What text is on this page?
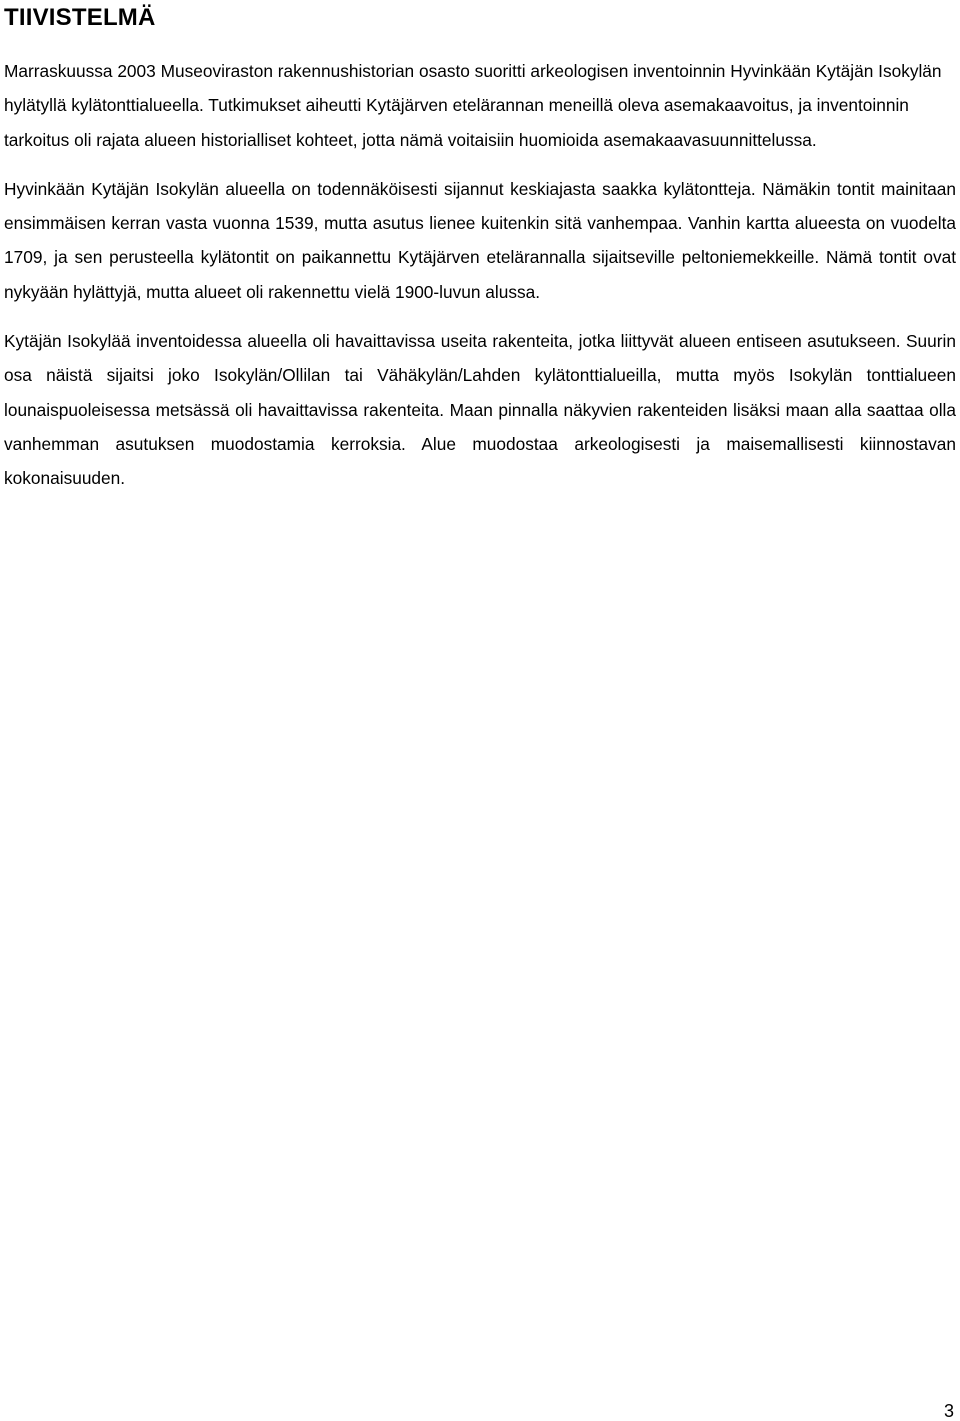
TIIVISTELMÄ

Marraskuussa 2003 Museoviraston rakennushistorian osasto suoritti arkeologisen inventoinnin Hyvinkään Kytäjän Isokylän hylätyllä kylätonttialueella. Tutkimukset aiheutti Kytäjärven etelärannan meneillä oleva asemakaavoitus, ja inventoinnin tarkoitus oli rajata alueen historialliset kohteet, jotta nämä voitaisiin huomioida asemakaavasuunnittelussa.

Hyvinkään Kytäjän Isokylän alueella on todennäköisesti sijannut keskiajasta saakka kylätontteja. Nämäkin tontit mainitaan ensimmäisen kerran vasta vuonna 1539, mutta asutus lienee kuitenkin sitä vanhempaa. Vanhin kartta alueesta on vuodelta 1709, ja sen perusteella kylätontit on paikannettu Kytäjärven etelärannalla sijaitseville peltoniemekkeille. Nämä tontit ovat nykyään hylättyjä, mutta alueet oli rakennettu vielä 1900-luvun alussa.

Kytäjän Isokylää inventoidessa alueella oli havaittavissa useita rakenteita, jotka liittyvät alueen entiseen asutukseen. Suurin osa näistä sijaitsi joko Isokylän/Ollilan tai Vähäkylän/Lahden kylätonttialueilla, mutta myös Isokylän tonttialueen lounaispuoleisessa metsässä oli havaittavissa rakenteita. Maan pinnalla näkyvien rakenteiden lisäksi maan alla saattaa olla vanhemman asutuksen muodostamia kerroksia. Alue muodostaa arkeologisesti ja maisemallisesti kiinnostavan kokonaisuuden.

3
